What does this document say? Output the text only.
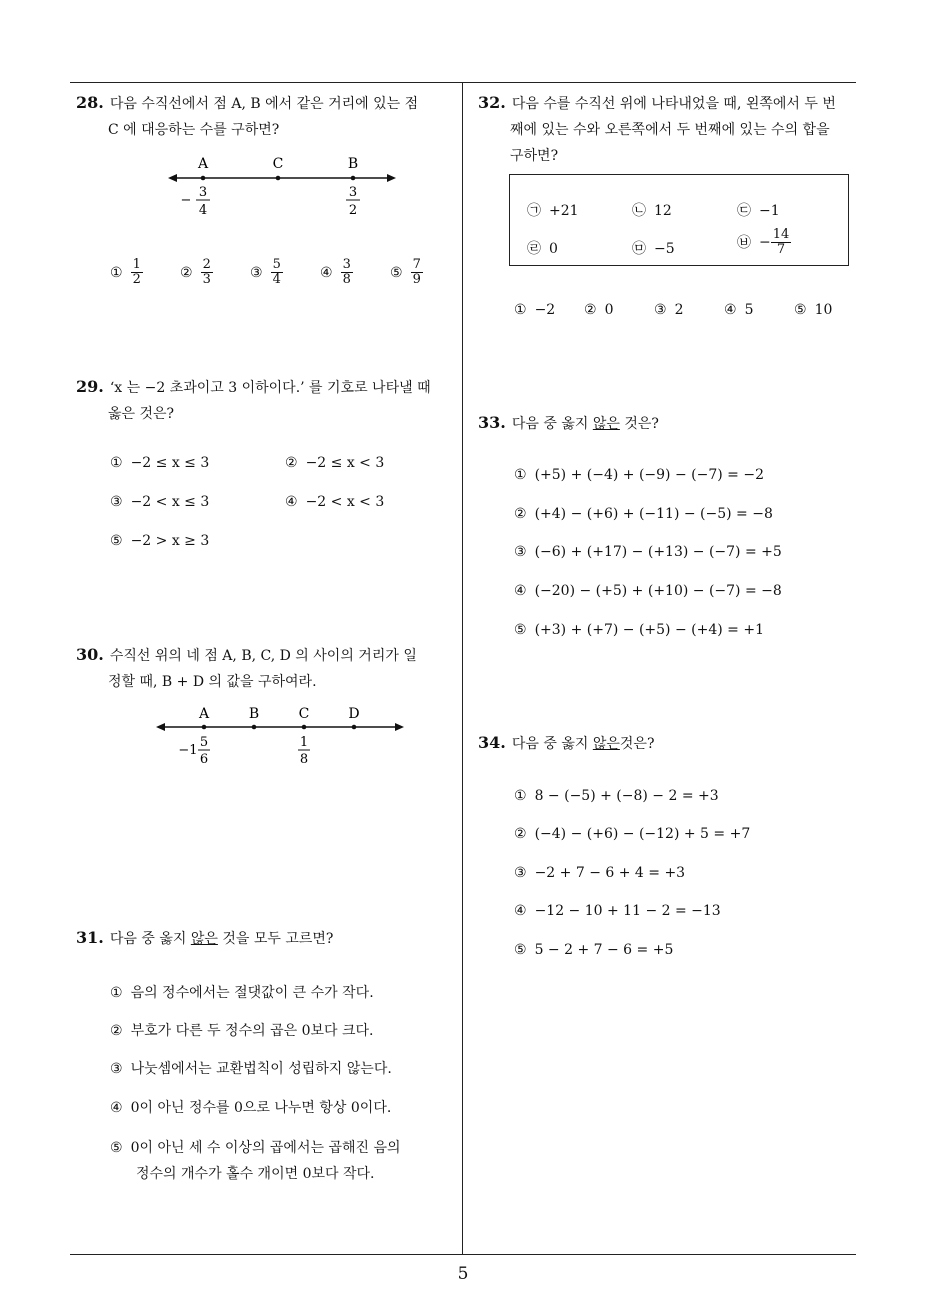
28. 다음 수직선에서 점 A, B 에서 같은 거리에 있는 점
C 에 대응하는 수를 구하면?
A	C	B
−
3
4
3
2
① $\frac{1}{2}$	② $\frac{2}{3}$	③ $\frac{5}{4}$	④ $\frac{3}{8}$	⑤ $\frac{7}{9}$
29. ‘x 는 −2 초과이고 3 이하이다.’ 를 기호로 나타낼 때
옳은 것은?
① −2 ≤ x ≤ 3	② −2 ≤ x < 3
③ −2 < x ≤ 3	④ −2 < x < 3
⑤ −2 > x ≥ 3
30. 수직선 위의 네 점 A, B, C, D 의 사이의 거리가 일
정할 때, B + D 의 값을 구하여라.
A	B	C	D
−1
5
6
1
8
31. 다음 중 옳지 않은 것을 모두 고르면?
① 음의 정수에서는 절댓값이 큰 수가 작다.
② 부호가 다른 두 정수의 곱은 0보다 크다.
③ 나눗셈에서는 교환법칙이 성립하지 않는다.
④ 0이 아닌 정수를 0으로 나누면 항상 0이다.
⑤ 0이 아닌 세 수 이상의 곱에서는 곱해진 음의
정수의 개수가 홀수 개이면 0보다 작다.
32. 다음 수를 수직선 위에 나타내었을 때, 왼쪽에서 두 번
째에 있는 수와 오른쪽에서 두 번째에 있는 수의 합을
구하면?
㉠ +21	㉡ 12	㉢ −1
㉣ 0	㉤ −5	㉥ − $\frac{14}{7}$
① −2 ② 0	③ 2	④ 5	⑤ 10
33. 다음 중 옳지 않은 것은?
① (+5) + (−4) + (−9) − (−7) = −2
② (+4) − (+6) + (−11) − (−5) = −8
③ (−6) + (+17) − (+13) − (−7) = +5
④ (−20) − (+5) + (+10) − (−7) = −8
⑤ (+3) + (+7) − (+5) − (+4) = +1
34. 다음 중 옳지 않은것은?
① 8 − (−5) + (−8) − 2 = +3
② (−4) − (+6) − (−12) + 5 = +7
③ −2 + 7 − 6 + 4 = +3
④ −12 − 10 + 11 − 2 = −13
⑤ 5 − 2 + 7 − 6 = +5
5
